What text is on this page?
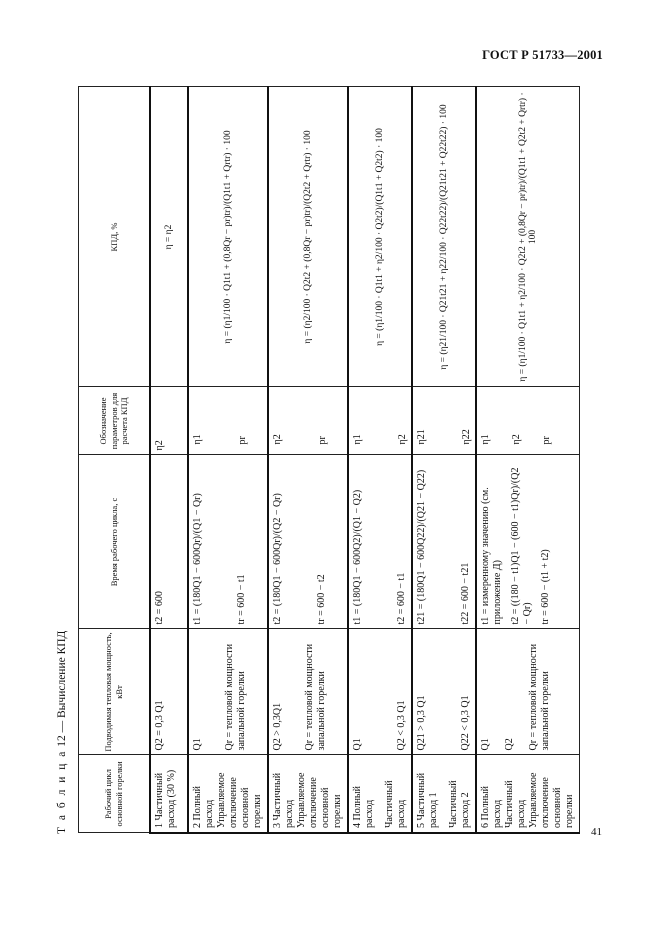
ГОСТ Р 51733—2001
Т а б л и ц а 12 — Вычисление КПД
Рабочий цикл основной горелки	Подводимая тепловая мощность, кВт	Время рабочего цикла, с	Обозначение параметров для расчета КПД	КПД, %

1 Частичный расход (30 %)	Q2 = 0,3 Q1	t2 = 600	η2	η = η2

2 Полный расход Управляемое отключение основной горелки	Q1 Qr = тепловой мощности запальной горелки	t1 = (180Q1 − 600Qr)/(Q1 − Qr) tr = 600 − t1	η1 pr	η = (η1/100 · Q1t1 + (0,8Qr − pr)tr)/(Q1t1 + Qrtr) · 100

3 Частичный расход Управляемое отключение основной горелки	Q2 > 0,3Q1 Qr = тепловой мощности запальной горелки	t2 = (180Q1 − 600Qr)/(Q2 − Qr) tr = 600 − t2	η2 pr	η = (η2/100 · Q2t2 + (0,8Qr − pr)tr)/(Q2t2 + Qrtr) · 100

4 Полный расход Частичный расход	Q1 Q2 < 0,3 Q1	t1 = (180Q1 − 600Q2)/(Q1 − Q2) t2 = 600 − t1	η1 η2	η = (η1/100 · Q1t1 + η2/100 · Q2t2)/(Q1t1 + Q2t2) · 100

5 Частичный расход 1 Частичный расход 2	Q21 > 0,3 Q1 Q22 < 0,3 Q1	t21 = (180Q1 − 600Q22)/(Q21 − Q22) t22 = 600 − t21	η21 η22	η = (η21/100 · Q21t21 + η22/100 · Q22t22)/(Q21t21 + Q22t22) · 100

6 Полный расход Частичный расход Управляемое отключение основной горелки	Q1 Q2 Qr = тепловой мощности запальной горелки	t1 = измеренному значению (см. приложение Д) t2 = ((180 − t1)Q1 − (600 − t1)Qr)/(Q2 − Qr) tr = 600 − (t1 + t2)	η1 η2 pr	η = (η1/100 · Q1t1 + η2/100 · Q2t2 + (0,8Qr − pr)tr)/(Q1t1 + Q2t2 + Qrtr) · 100
41
